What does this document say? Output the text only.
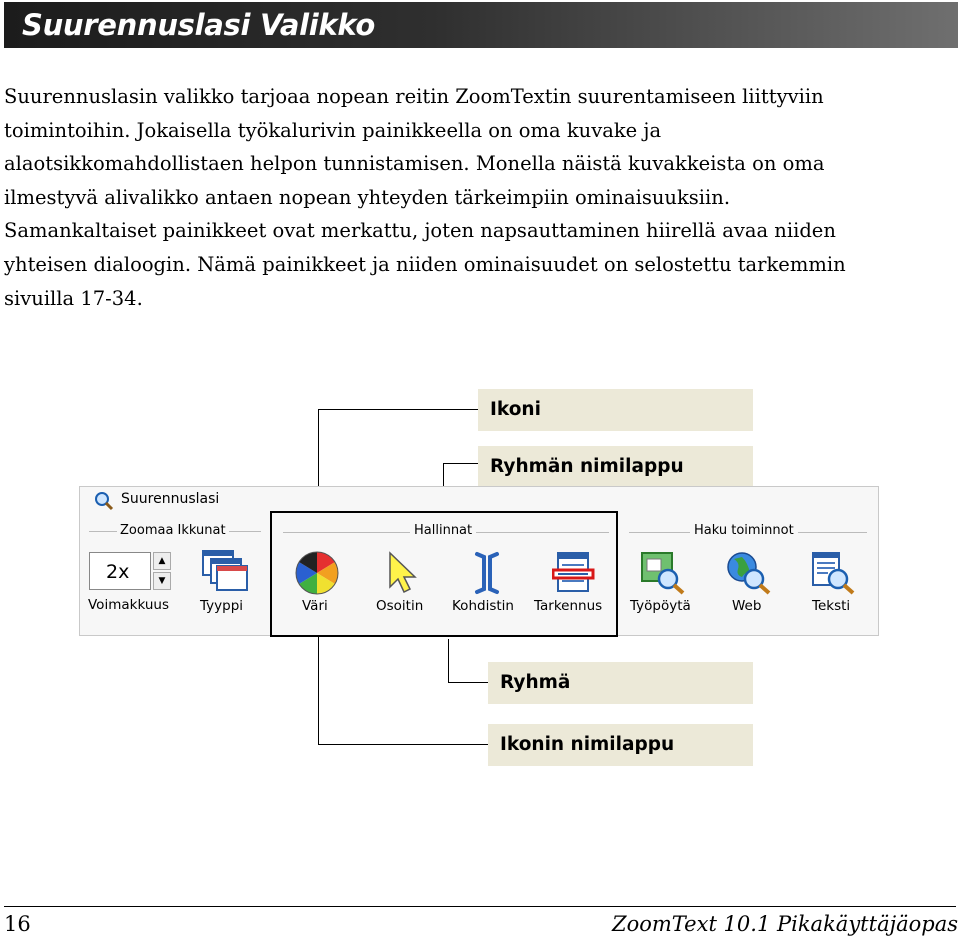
Suurennuslasi Valikko
Suurennuslasin valikko tarjoaa nopean reitin ZoomTextin suurentamiseen liittyviin
toimintoihin. Jokaisella työkalurivin painikkeella on oma kuvake ja
alaotsikkomahdollistaen helpon tunnistamisen. Monella näistä kuvakkeista on oma
ilmestyvä alivalikko antaen nopean yhteyden tärkeimpiin ominaisuuksiin.
Samankaltaiset painikkeet ovat merkattu, joten napsauttaminen hiirellä avaa niiden
yhteisen dialoogin. Nämä painikkeet ja niiden ominaisuudet on selostettu tarkemmin
sivuilla 17-34.
Ikoni
Ryhmän nimilappu
Ryhmä
Ikonin nimilappu
Suurennuslasi
Zoomaa Ikkunat	Hallinnat	Haku toiminnot
2x	▲
▼
Voimakkuus Tyyppi	Väri	Osoitin Kohdistin Tarkennus Työpöytä	Web	Teksti
16	ZoomText 10.1 Pikakäyttäjäopas
